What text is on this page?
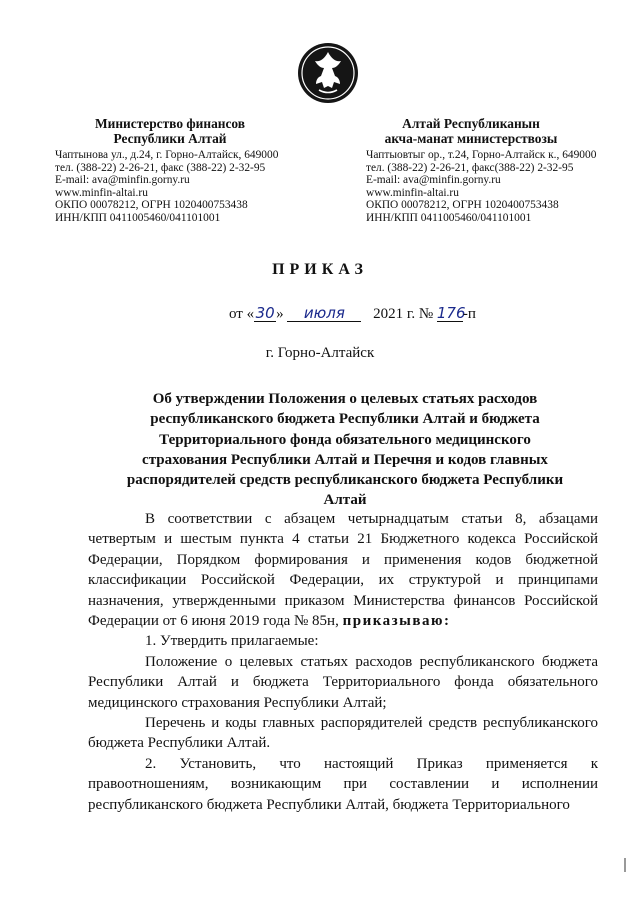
Министерство финансов
Республики Алтай
Чаптынова ул., д.24, г. Горно-Алтайск, 649000
тел. (388-22) 2-26-21, факс (388-22) 2-32-95
E-mail: ava@minfin.gorny.ru
www.minfin-altai.ru
ОКПО 00078212, ОГРН 1020400753438
ИНН/КПП 0411005460/041101001
Алтай Республиканын
акча-манат министерствозы
Чаптыовтыг ор., т.24, Горно-Алтайск к., 649000
тел. (388-22) 2-26-21, факс(388-22) 2-32-95
E-mail: ava@minfin.gorny.ru
www.minfin-altai.ru
ОКПО 00078212, ОГРН 1020400753438
ИНН/КПП 0411005460/041101001
ПРИКАЗ
от «30» июля 2021 г. № 176-п
г. Горно-Алтайск
Об утверждении Положения о целевых статьях расходов республиканского бюджета Республики Алтай и бюджета Территориального фонда обязательного медицинского страхования Республики Алтай и Перечня и кодов главных распорядителей средств республиканского бюджета Республики Алтай

В соответствии с абзацем четырнадцатым статьи 8, абзацами четвертым и шестым пункта 4 статьи 21 Бюджетного кодекса Российской Федерации, Порядком формирования и применения кодов бюджетной классификации Российской Федерации, их структурой и принципами назначения, утвержденными приказом Министерства финансов Российской Федерации от 6 июня 2019 года № 85н, приказываю:

1. Утвердить прилагаемые:

Положение о целевых статьях расходов республиканского бюджета Республики Алтай и бюджета Территориального фонда обязательного медицинского страхования Республики Алтай;

Перечень и коды главных распорядителей средств республиканского бюджета Республики Алтай.

2. Установить, что настоящий Приказ применяется к правоотношениям, возникающим при составлении и исполнении республиканского бюджета Республики Алтай, бюджета Территориального
